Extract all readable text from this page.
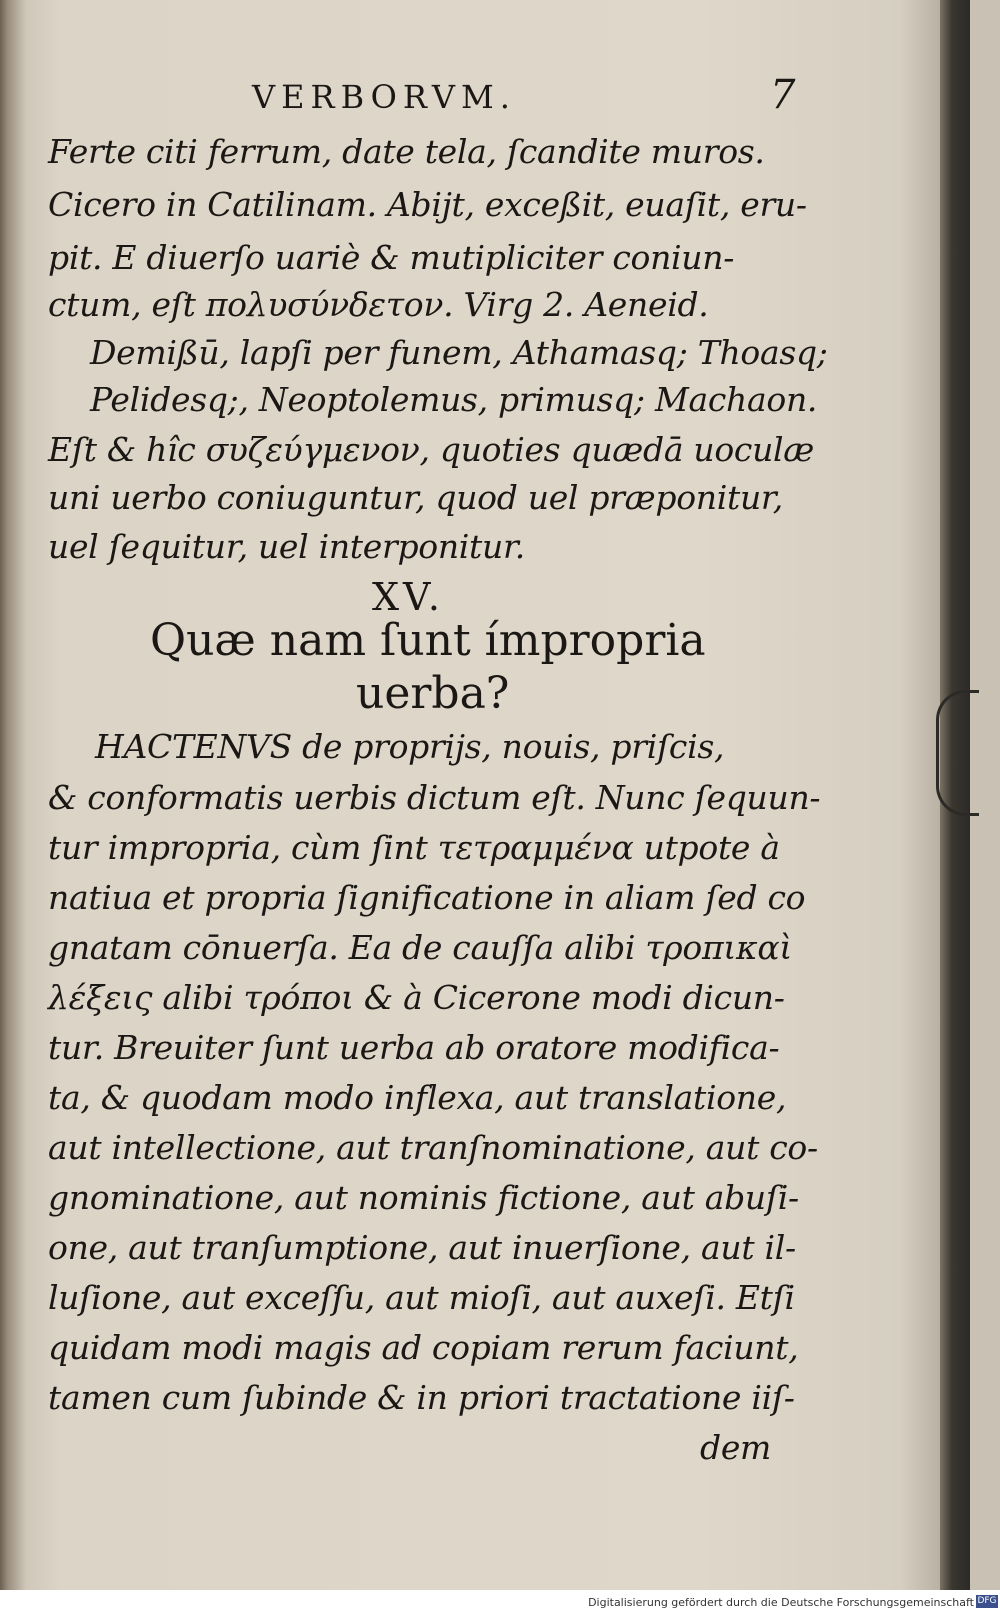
VERBORVM.	7
Ferte citi ferrum, date tela, ſcandite muros.
Cicero in Catilinam. Abijt, exceßit, euaſit, eru-
pit. E diuerſo uariè & mutipliciter coniun-
ctum, eſt πολυσύνδετον. Virg 2. Aeneid.
Demißū, lapſi per funem, Athamasq; Thoasq;
Pelidesq;, Neoptolemus, primusq; Machaon.
Eſt & hîc συζεύγμενον, quoties quædā uoculæ
uni uerbo coniuguntur, quod uel præponitur,
uel ſequitur, uel interponitur.
XV.
Quæ nam ſunt ímpropria
uerba?
HACTENVS de proprijs, nouis, priſcis,
& conformatis uerbis dictum eſt. Nunc ſequun-
tur impropria, cùm ſint τετραμμένα utpote à
natiua et propria ſignificatione in aliam ſed co
gnatam cōnuerſa. Ea de cauſſa alibi τροπικαὶ
λέξεις alibi τρόποι & à Cicerone modi dicun-
tur. Breuiter ſunt uerba ab oratore modifica-
ta, & quodam modo inflexa, aut translatione,
aut intellectione, aut tranſnominatione, aut co-
gnominatione, aut nominis fictione, aut abuſi-
one, aut tranſumptione, aut inuerſione, aut il-
luſione, aut exceſſu, aut mioſi, aut auxeſi. Etſi
quidam modi magis ad copiam rerum faciunt,
tamen cum ſubinde & in priori tractatione iiſ-
dem
Digitalisierung gefördert durch die Deutsche Forschungsgemeinschaft DFG
